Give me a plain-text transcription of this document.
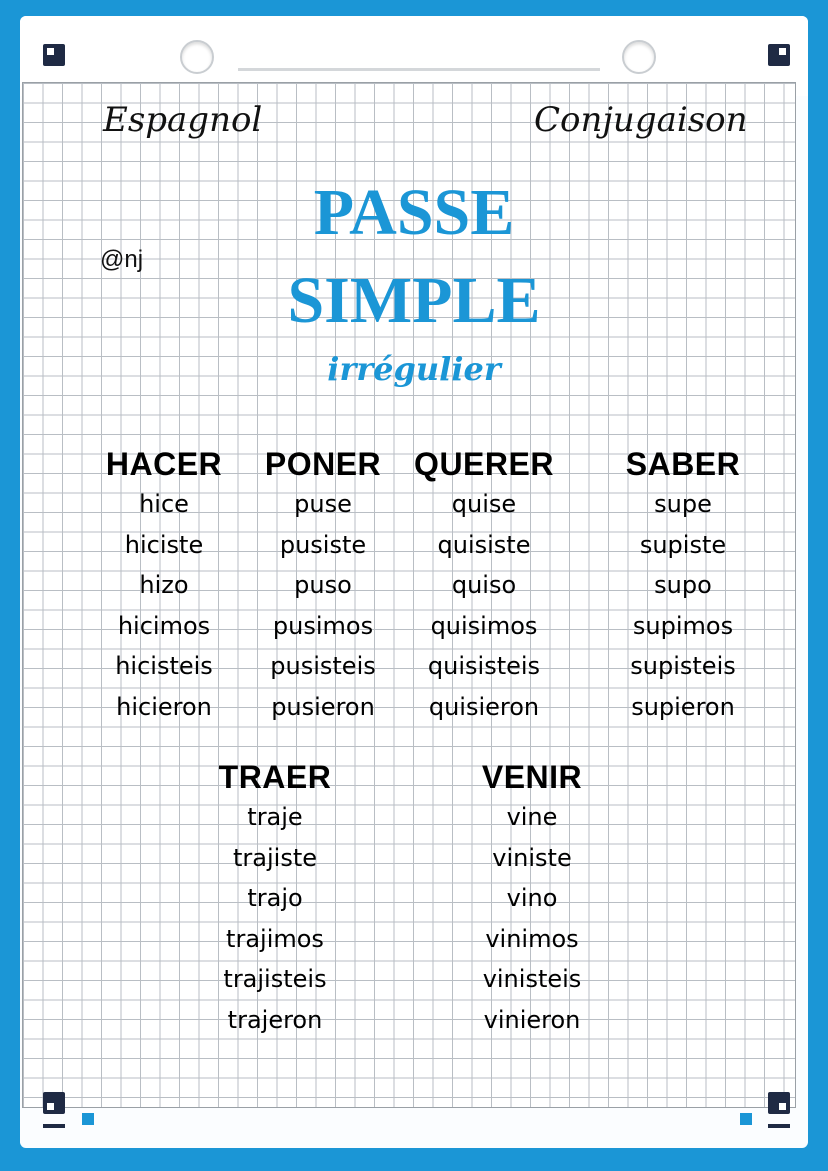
Espagnol	Conjugaison
@nj
PASSE
SIMPLE
irrégulier
HACER
hice
hiciste
hizo
hicimos
hicisteis
hicieron
PONER
puse
pusiste
puso
pusimos
pusisteis
pusieron
QUERER
quise
quisiste
quiso
quisimos
quisisteis
quisieron
SABER
supe
supiste
supo
supimos
supisteis
supieron
TRAER
traje
trajiste
trajo
trajimos
trajisteis
trajeron
VENIR
vine
viniste
vino
vinimos
vinisteis
vinieron
